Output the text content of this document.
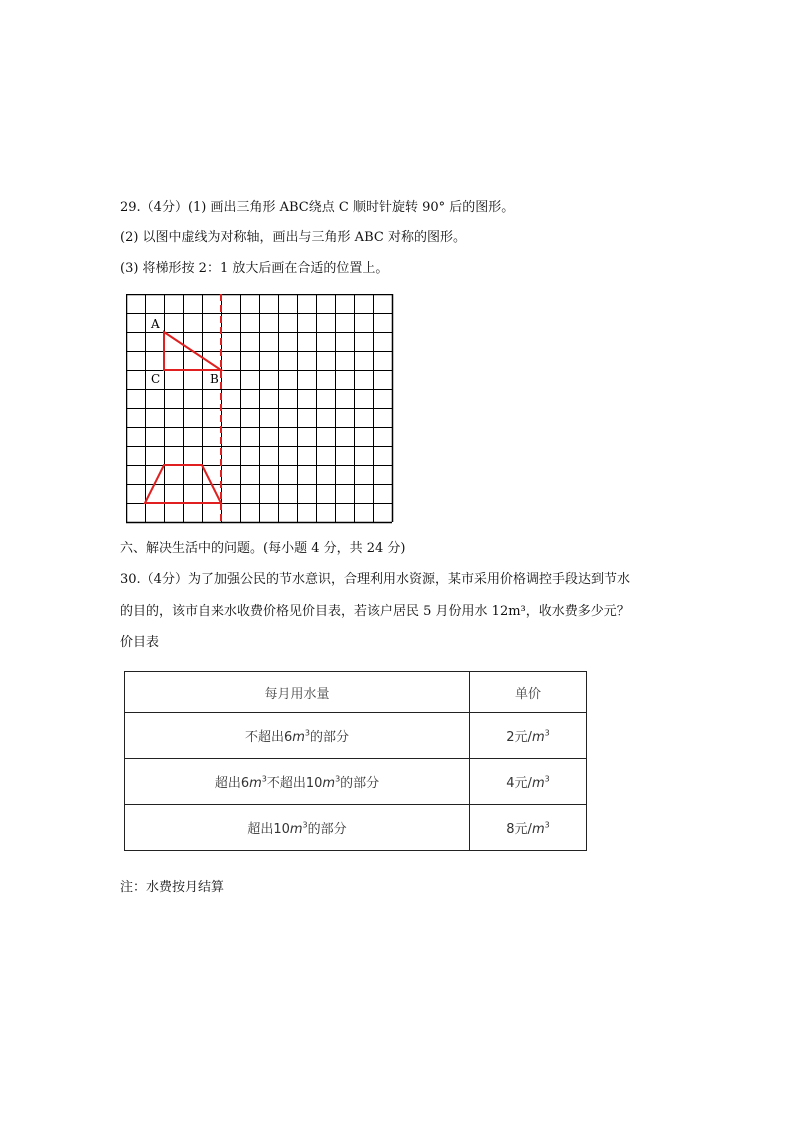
29.（4分）(1) 画出三角形 ABC绕点 C 顺时针旋转 90° 后的图形。
(2) 以图中虚线为对称轴，画出与三角形 ABC 对称的图形。
(3) 将梯形按 2：1 放大后画在合适的位置上。
A
C	B
六、解决生活中的问题。(每小题 4 分，共 24 分)
30.（4分）为了加强公民的节水意识，合理利用水资源，某市采用价格调控手段达到节水
的目的，该市自来水收费价格见价目表，若该户居民 5 月份用水 12m³，收水费多少元？
价目表
每月用水量	单价
不超出$6m^3$的部分	2元$/m^3$
超出$6m^3$不超出$10m^3$的部分	4元$/m^3$
超出$10m^3$的部分	8元$/m^3$
注：水费按月结算
